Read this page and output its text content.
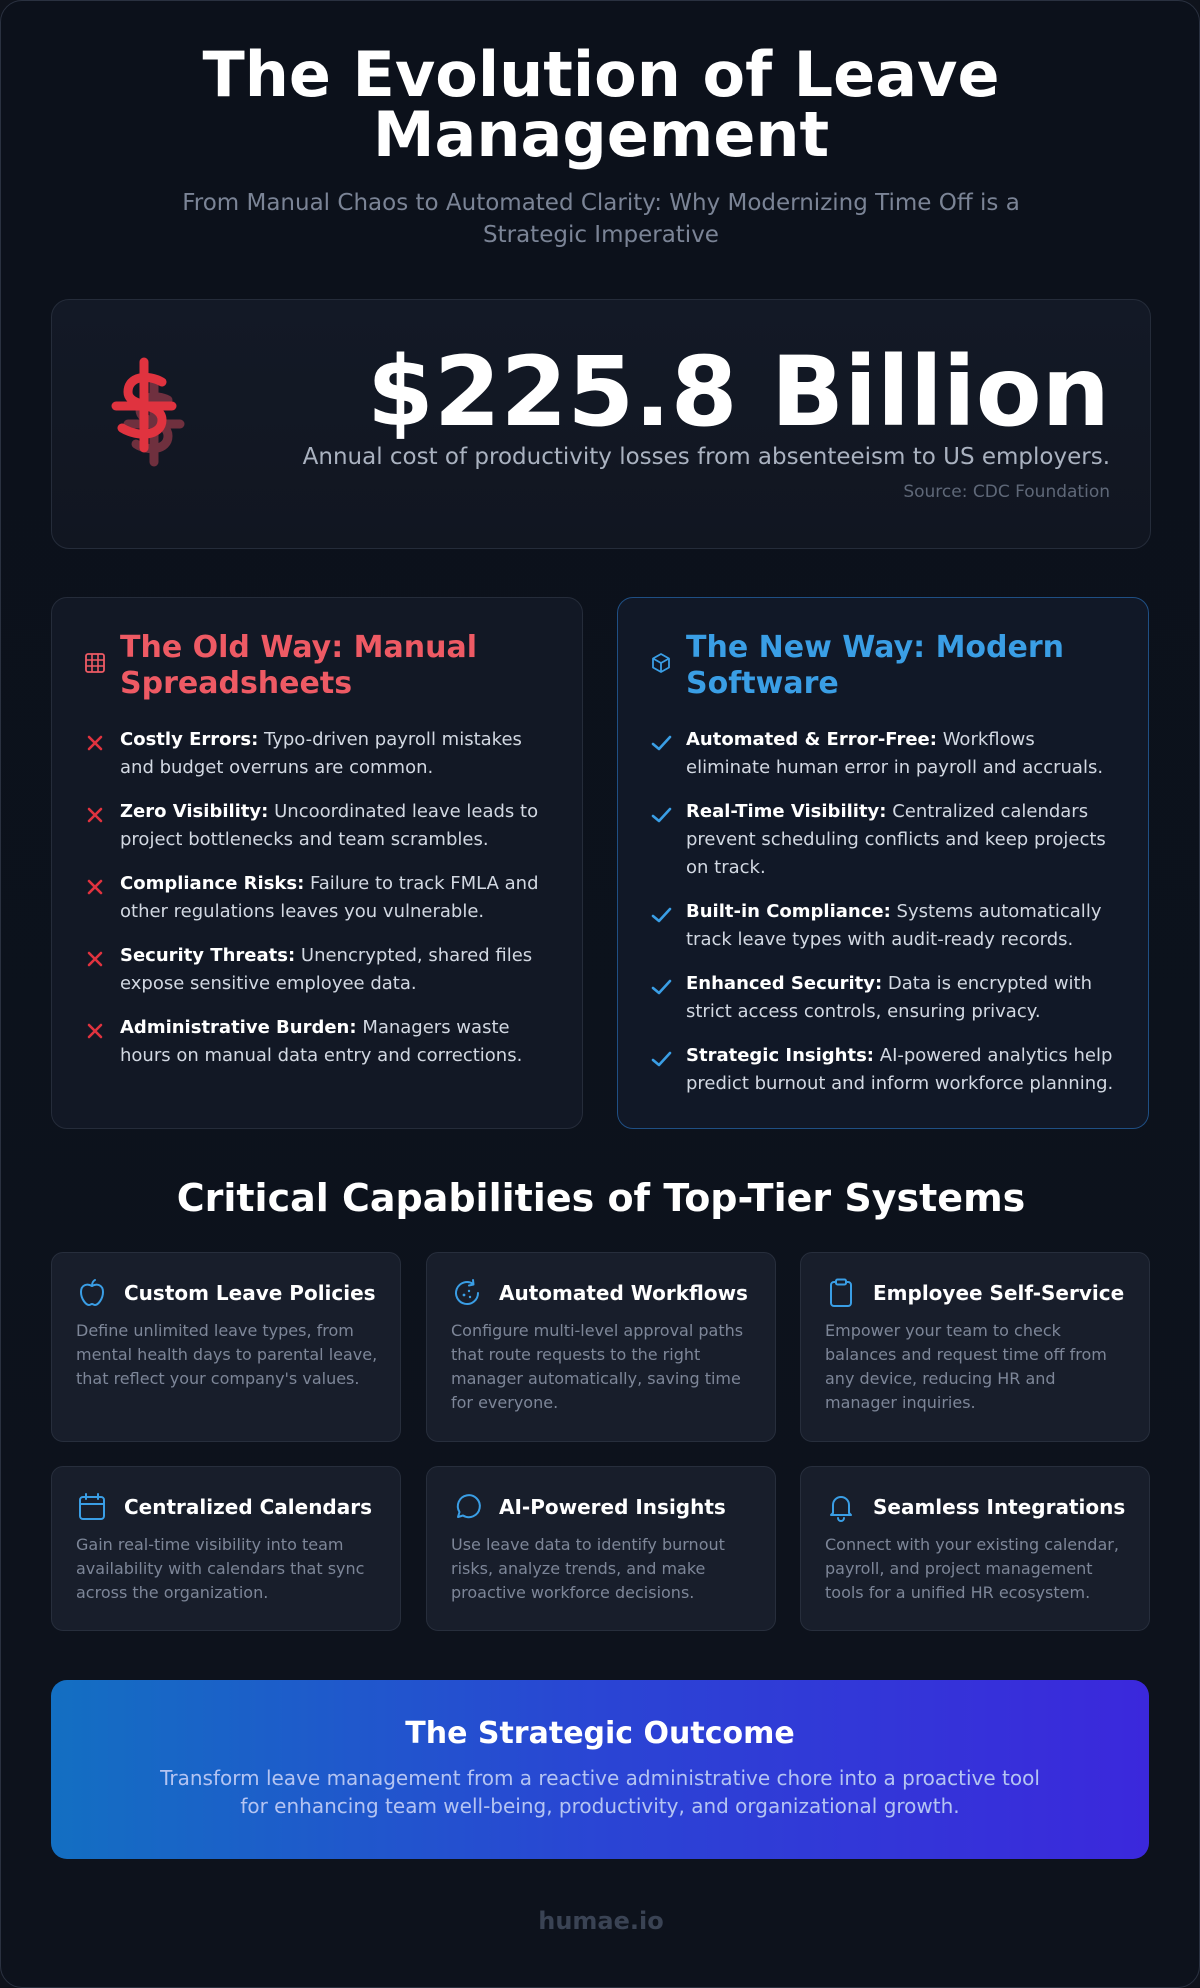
The Evolution of Leave Management

From Manual Chaos to Automated Clarity: Why Modernizing Time Off is a Strategic Imperative

$225.8 Billion
Annual cost of productivity losses from absenteeism to US employers.
Source: CDC Foundation
The Old Way: Manual Spreadsheets
Costly Errors: Typo-driven payroll mistakes and budget overruns are common.
Zero Visibility: Uncoordinated leave leads to project bottlenecks and team scrambles.
Compliance Risks: Failure to track FMLA and other regulations leaves you vulnerable.
Security Threats: Unencrypted, shared files expose sensitive employee data.
Administrative Burden: Managers waste hours on manual data entry and corrections.
The New Way: Modern Software
Automated & Error-Free: Workflows eliminate human error in payroll and accruals.
Real-Time Visibility: Centralized calendars prevent scheduling conflicts and keep projects on track.
Built-in Compliance: Systems automatically track leave types with audit-ready records.
Enhanced Security: Data is encrypted with strict access controls, ensuring privacy.
Strategic Insights: AI-powered analytics help predict burnout and inform workforce planning.
Critical Capabilities of Top-Tier Systems
Custom Leave Policies

Define unlimited leave types, from mental health days to parental leave, that reflect your company's values.

Automated Workflows

Configure multi-level approval paths that route requests to the right manager automatically, saving time for everyone.

Employee Self-Service

Empower your team to check balances and request time off from any device, reducing HR and manager inquiries.

Centralized Calendars

Gain real-time visibility into team availability with calendars that sync across the organization.

AI-Powered Insights

Use leave data to identify burnout risks, analyze trends, and make proactive workforce decisions.

Seamless Integrations

Connect with your existing calendar, payroll, and project management tools for a unified HR ecosystem.

The Strategic Outcome

Transform leave management from a reactive administrative chore into a proactive tool for enhancing team well-being, productivity, and organizational growth.

humae.io
